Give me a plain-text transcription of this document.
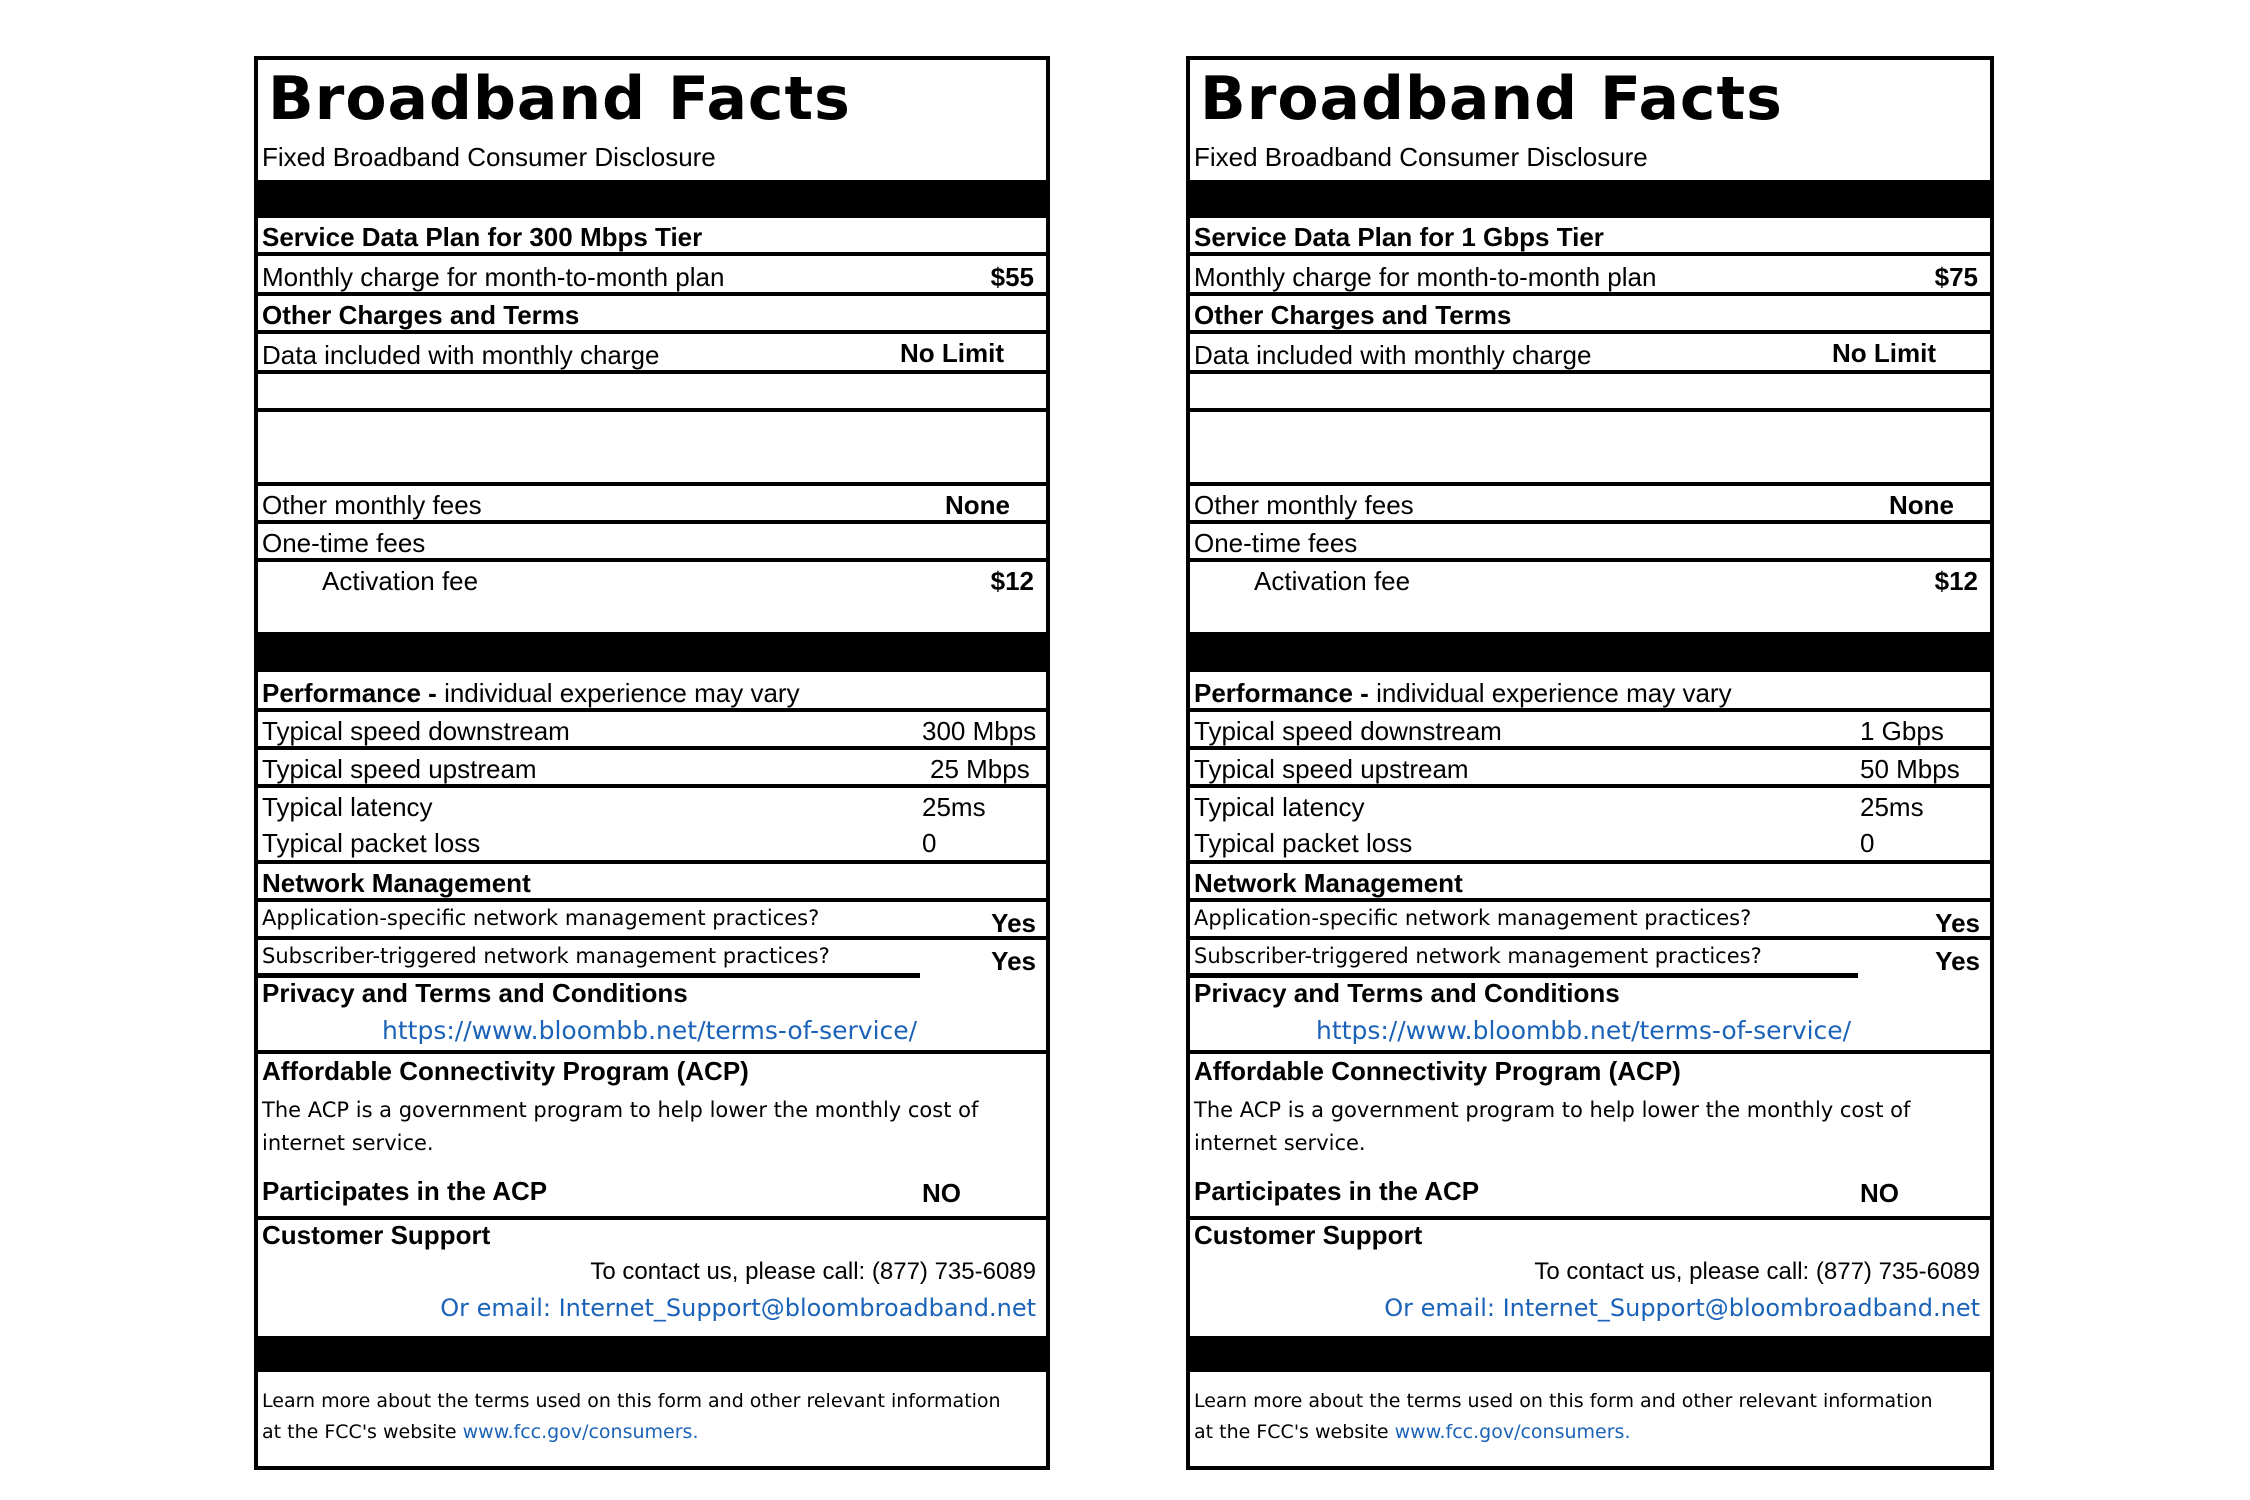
Broadband Facts
Fixed Broadband Consumer Disclosure
Service Data Plan for 300 Mbps Tier
Monthly charge for month-to-month plan	$55
Other Charges and Terms
Data included with monthly charge	No Limit
Other monthly fees	None
One-time fees
Activation fee	$12
Performance - individual experience may vary
Typical speed downstream	300 Mbps
Typical speed upstream	25 Mbps
Typical latency	25ms
Typical packet loss	0
Network Management
Application-specific network management practices?	Yes
Subscriber-triggered network management practices?	Yes
Privacy and Terms and Conditions
https://www.bloombb.net/terms-of-service/
Affordable Connectivity Program (ACP)
The ACP is a government program to help lower the monthly cost of internet service.
Participates in the ACP	NO
Customer Support
To contact us, please call: (877) 735-6089
Or email: Internet_Support@bloombroadband.net
Learn more about the terms used on this form and other relevant information
at the FCC's website www.fcc.gov/consumers.
Broadband Facts
Fixed Broadband Consumer Disclosure
Service Data Plan for 1 Gbps Tier
Monthly charge for month-to-month plan	$75
Other Charges and Terms
Data included with monthly charge	No Limit
Other monthly fees	None
One-time fees
Activation fee	$12
Performance - individual experience may vary
Typical speed downstream	1 Gbps
Typical speed upstream	50 Mbps
Typical latency	25ms
Typical packet loss	0
Network Management
Application-specific network management practices?	Yes
Subscriber-triggered network management practices?	Yes
Privacy and Terms and Conditions
https://www.bloombb.net/terms-of-service/
Affordable Connectivity Program (ACP)
The ACP is a government program to help lower the monthly cost of internet service.
Participates in the ACP	NO
Customer Support
To contact us, please call: (877) 735-6089
Or email: Internet_Support@bloombroadband.net
Learn more about the terms used on this form and other relevant information
at the FCC's website www.fcc.gov/consumers.
